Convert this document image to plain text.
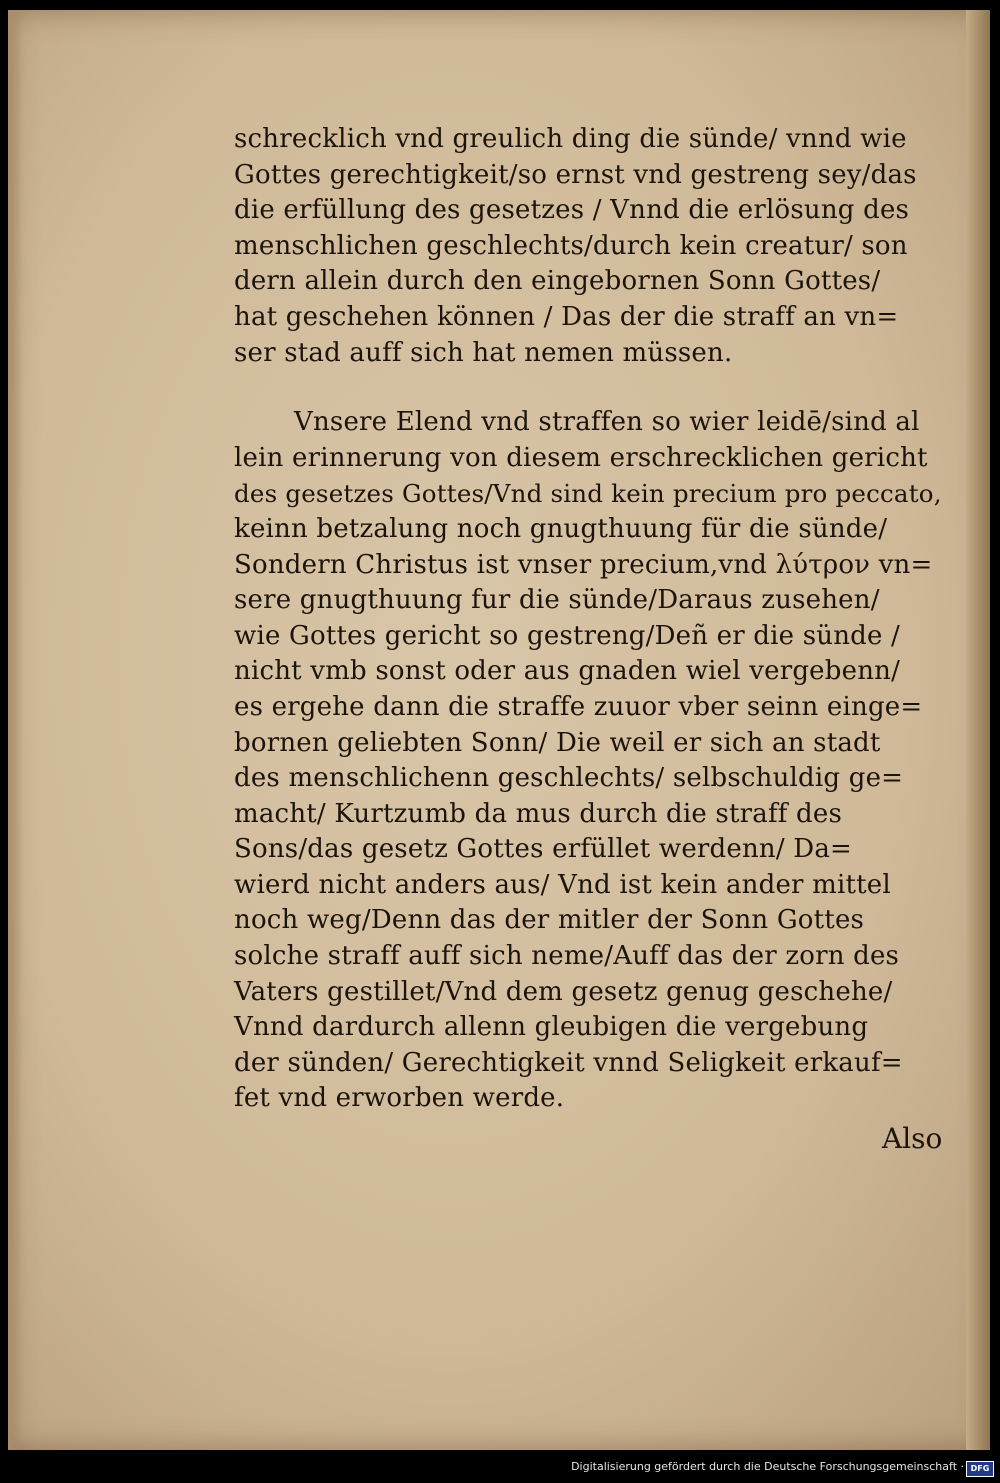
schrecklich vnd greulich ding die sünde/ vnnd wie
Gottes gerechtigkeit/so ernst vnd gestreng sey/das
die erfüllung des gesetzes / Vnnd die erlösung des
menschlichen geschlechts/durch kein creatur/ son
dern allein durch den eingebornen Sonn Gottes/
hat geschehen können / Das der die straff an vn=
ser stad auff sich hat nemen müssen.

Vnsere Elend vnd straffen so wier leidē/sind al
lein erinnerung von diesem erschrecklichen gericht
des gesetzes Gottes/Vnd sind kein precium pro peccato,
keinn betzalung noch gnugthuung für die sünde/
Sondern Christus ist vnser precium,vnd λύτρον vn=
sere gnugthuung fur die sünde/Daraus zusehen/
wie Gottes gericht so gestreng/Deñ er die sünde /
nicht vmb sonst oder aus gnaden wiel vergebenn/
es ergehe dann die straffe zuuor vber seinn einge=
bornen geliebten Sonn/ Die weil er sich an stadt
des menschlichenn geschlechts/ selbschuldig ge=
macht/ Kurtzumb da mus durch die straff des
Sons/das gesetz Gottes erfüllet werdenn/ Da=
wierd nicht anders aus/ Vnd ist kein ander mittel
noch weg/Denn das der mitler der Sonn Gottes
solche straff auff sich neme/Auff das der zorn des
Vaters gestillet/Vnd dem gesetz genug geschehe/
Vnnd dardurch allenn gleubigen die vergebung
der sünden/ Gerechtigkeit vnnd Seligkeit erkauf=
fet vnd erworben werde.

Also
Digitalisierung gefördert durch die Deutsche Forschungsgemeinschaft · DFG
